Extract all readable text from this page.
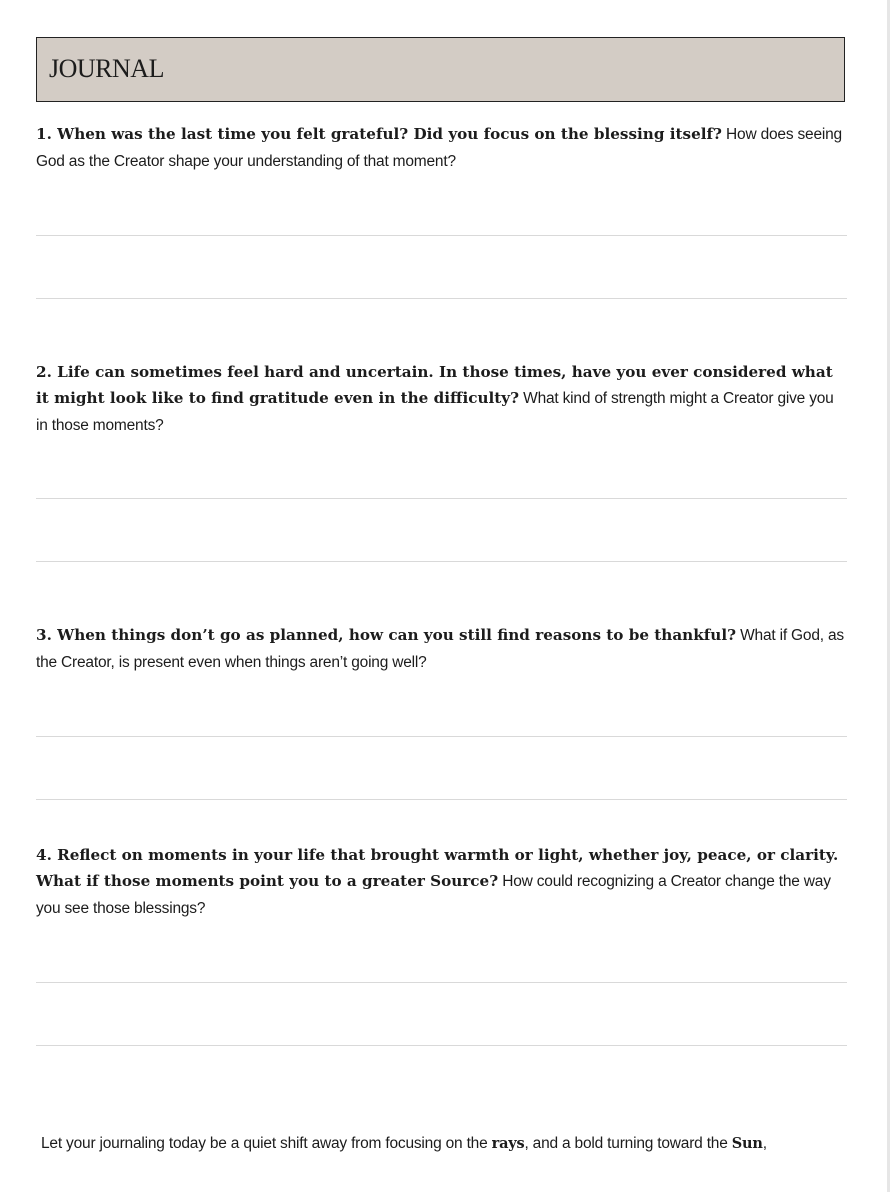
JOURNAL
1. When was the last time you felt grateful? Did you focus on the blessing itself? How does seeing God as the Creator shape your understanding of that moment?
2. Life can sometimes feel hard and uncertain. In those times, have you ever considered what it might look like to find gratitude even in the difficulty? What kind of strength might a Creator give you in those moments?
3. When things don’t go as planned, how can you still find reasons to be thankful? What if God, as the Creator, is present even when things aren’t going well?
4. Reflect on moments in your life that brought warmth or light, whether joy, peace, or clarity. What if those moments point you to a greater Source? How could recognizing a Creator change the way you see those blessings?
Let your journaling today be a quiet shift away from focusing on the rays, and a bold turning toward the Sun,
